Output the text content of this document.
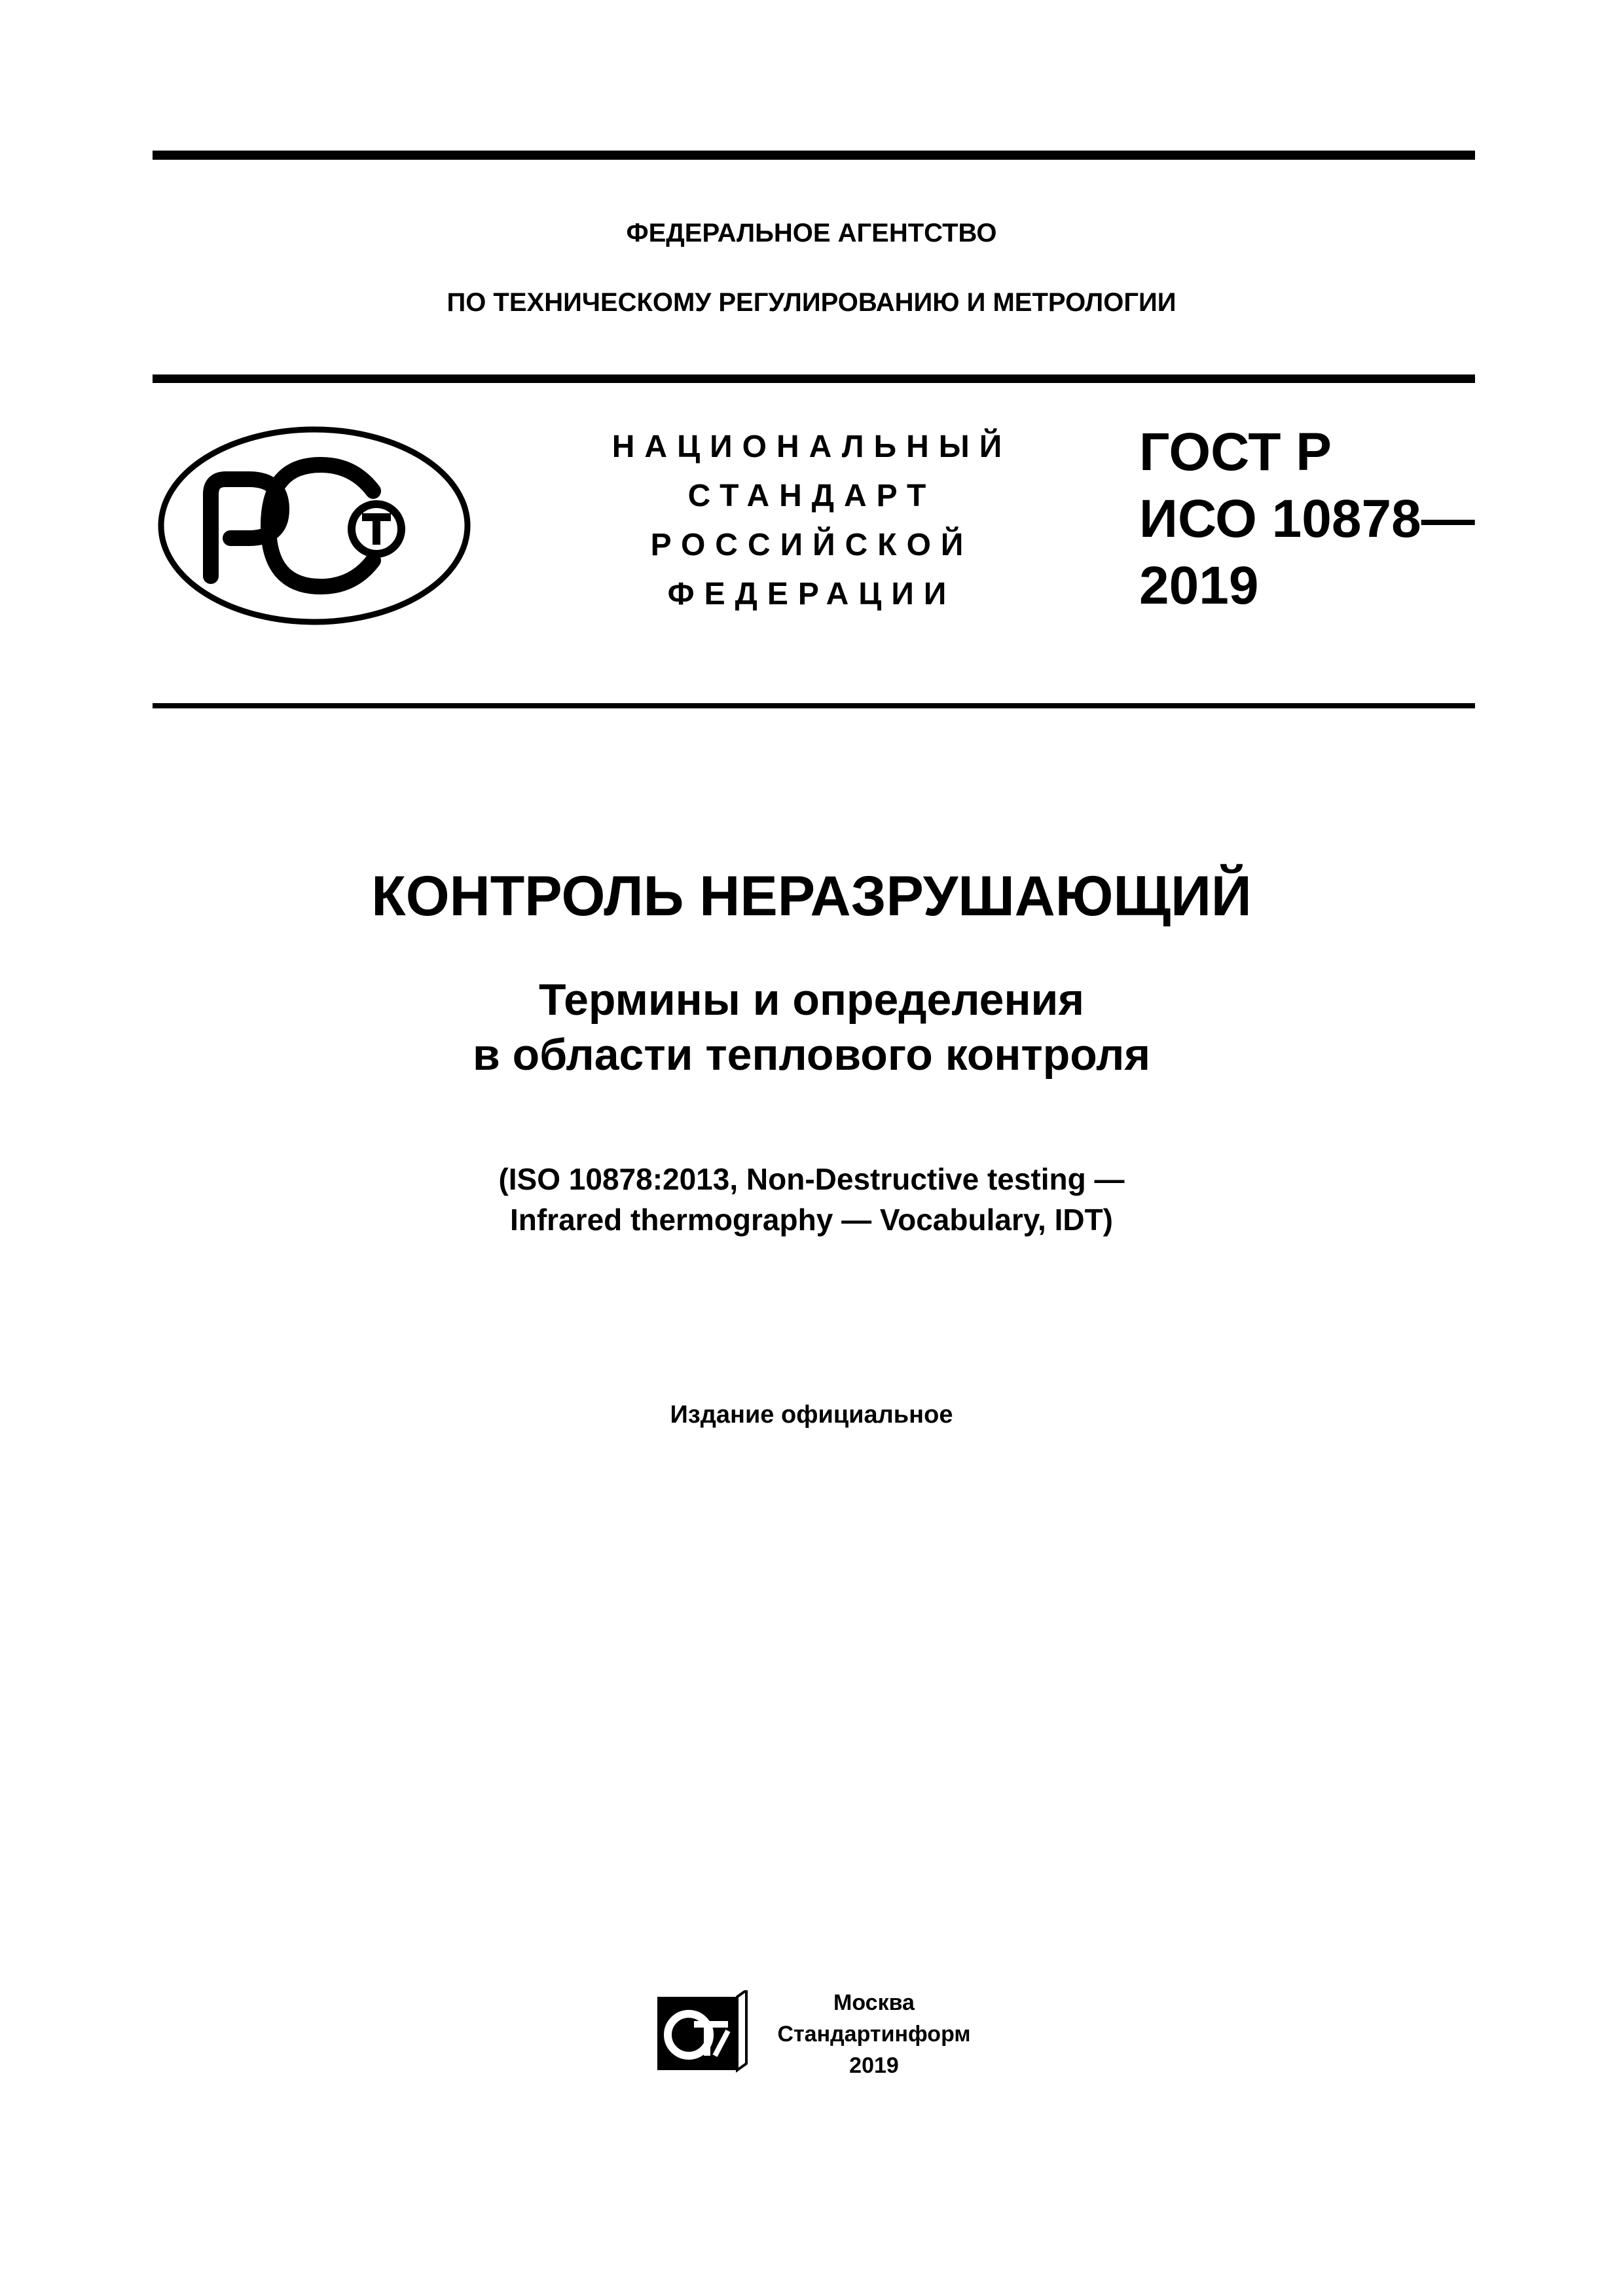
ФЕДЕРАЛЬНОЕ АГЕНТСТВО
ПО ТЕХНИЧЕСКОМУ РЕГУЛИРОВАНИЮ И МЕТРОЛОГИИ
НАЦИОНАЛЬНЫЙ
СТАНДАРТ
РОССИЙСКОЙ
ФЕДЕРАЦИИ
ГОСТ Р
ИСО 10878—
2019
КОНТРОЛЬ НЕРАЗРУШАЮЩИЙ
Термины и определения
в области теплового контроля
(ISO 10878:2013, Non-Destructive testing —
Infrared thermography — Vocabulary, IDT)
Издание официальное
Москва
Стандартинформ
2019
